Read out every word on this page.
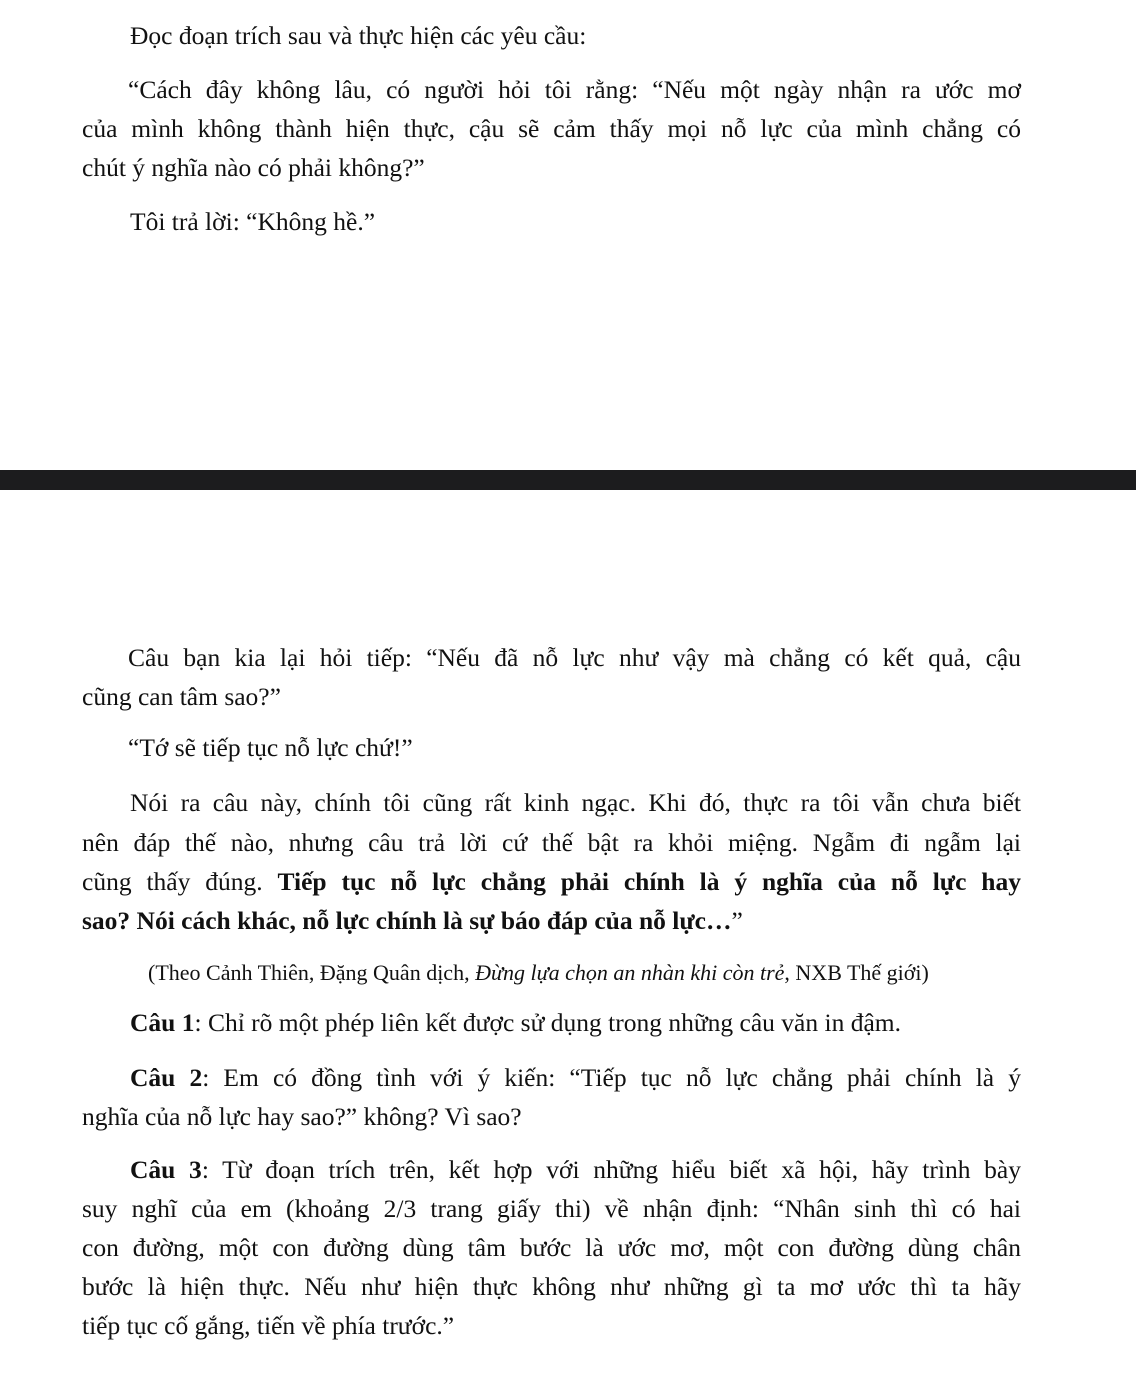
Đọc đoạn trích sau và thực hiện các yêu cầu:
“Cách đây không lâu, có người hỏi tôi rằng: “Nếu một ngày nhận ra ước mơ
của mình không thành hiện thực, cậu sẽ cảm thấy mọi nỗ lực của mình chẳng có
chút ý nghĩa nào có phải không?”
Tôi trả lời: “Không hề.”
Câu bạn kia lại hỏi tiếp: “Nếu đã nỗ lực như vậy mà chẳng có kết quả, cậu
cũng can tâm sao?”
“Tớ sẽ tiếp tục nỗ lực chứ!”
Nói ra câu này, chính tôi cũng rất kinh ngạc. Khi đó, thực ra tôi vẫn chưa biết
nên đáp thế nào, nhưng câu trả lời cứ thế bật ra khỏi miệng. Ngẫm đi ngẫm lại
cũng thấy đúng. Tiếp tục nỗ lực chẳng phải chính là ý nghĩa của nỗ lực hay
sao? Nói cách khác, nỗ lực chính là sự báo đáp của nỗ lực…”
(Theo Cảnh Thiên, Đặng Quân dịch, Đừng lựa chọn an nhàn khi còn trẻ, NXB Thế giới)
Câu 1: Chỉ rõ một phép liên kết được sử dụng trong những câu văn in đậm.
Câu 2: Em có đồng tình với ý kiến: “Tiếp tục nỗ lực chẳng phải chính là ý
nghĩa của nỗ lực hay sao?” không? Vì sao?
Câu 3: Từ đoạn trích trên, kết hợp với những hiểu biết xã hội, hãy trình bày
suy nghĩ của em (khoảng 2/3 trang giấy thi) về nhận định: “Nhân sinh thì có hai
con đường, một con đường dùng tâm bước là ước mơ, một con đường dùng chân
bước là hiện thực. Nếu như hiện thực không như những gì ta mơ ước thì ta hãy
tiếp tục cố gắng, tiến về phía trước.”
